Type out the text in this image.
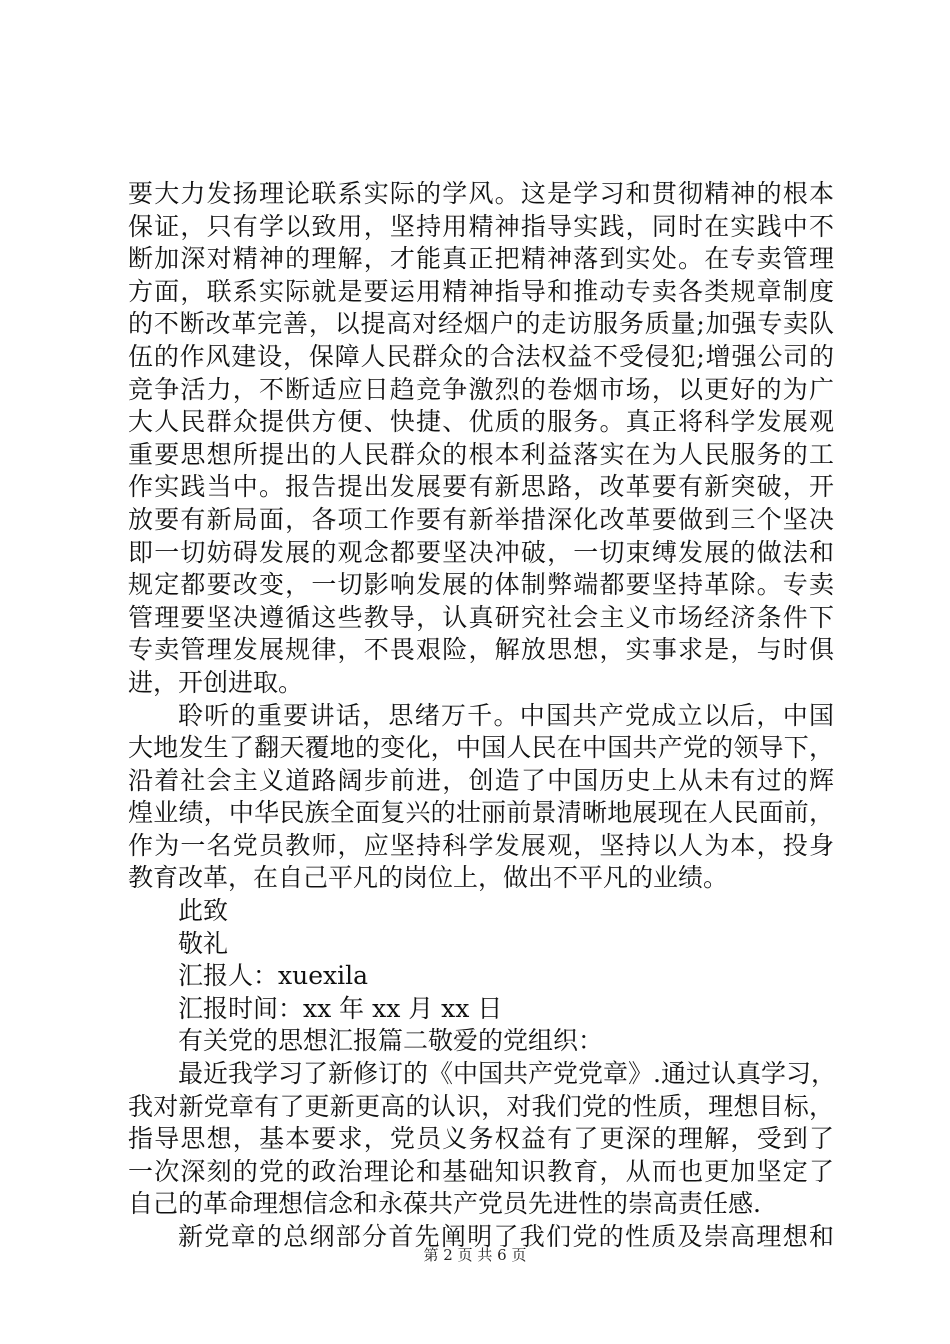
要大力发扬理论联系实际的学风。这是学习和贯彻精神的根本
保证，只有学以致用，坚持用精神指导实践，同时在实践中不
断加深对精神的理解，才能真正把精神落到实处。在专卖管理
方面，联系实际就是要运用精神指导和推动专卖各类规章制度
的不断改革完善，以提高对经烟户的走访服务质量;加强专卖队
伍的作风建设，保障人民群众的合法权益不受侵犯;增强公司的
竞争活力，不断适应日趋竞争激烈的卷烟市场，以更好的为广
大人民群众提供方便、快捷、优质的服务。真正将科学发展观
重要思想所提出的人民群众的根本利益落实在为人民服务的工
作实践当中。报告提出发展要有新思路，改革要有新突破，开
放要有新局面，各项工作要有新举措深化改革要做到三个坚决
即一切妨碍发展的观念都要坚决冲破，一切束缚发展的做法和
规定都要改变，一切影响发展的体制弊端都要坚持革除。专卖
管理要坚决遵循这些教导，认真研究社会主义市场经济条件下
专卖管理发展规律，不畏艰险，解放思想，实事求是，与时俱
进，开创进取。
聆听的重要讲话，思绪万千。中国共产党成立以后，中国
大地发生了翻天覆地的变化，中国人民在中国共产党的领导下，
沿着社会主义道路阔步前进，创造了中国历史上从未有过的辉
煌业绩，中华民族全面复兴的壮丽前景清晰地展现在人民面前，
作为一名党员教师，应坚持科学发展观，坚持以人为本，投身
教育改革，在自己平凡的岗位上，做出不平凡的业绩。
此致
敬礼
汇报人：xuexila
汇报时间：xx 年 xx 月 xx 日
有关党的思想汇报篇二敬爱的党组织：
最近我学习了新修订的《中国共产党党章》.通过认真学习，
我对新党章有了更新更高的认识，对我们党的性质，理想目标，
指导思想，基本要求，党员义务权益有了更深的理解，受到了
一次深刻的党的政治理论和基础知识教育，从而也更加坚定了
自己的革命理想信念和永葆共产党员先进性的崇高责任感.
新党章的总纲部分首先阐明了我们党的性质及崇高理想和
第 2 页 共 6 页
